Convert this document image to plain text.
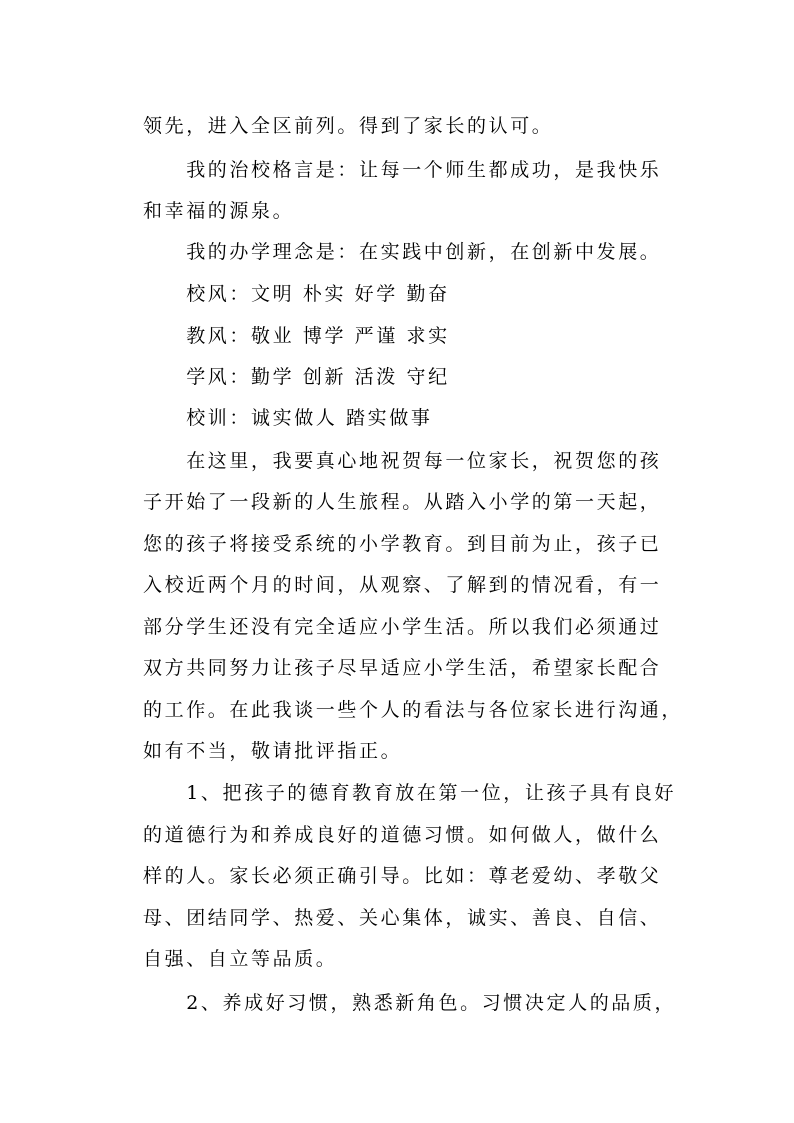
领先，进入全区前列。得到了家长的认可。

　　我的治校格言是：让每一个师生都成功，是我快乐

和幸福的源泉。

　　我的办学理念是：在实践中创新，在创新中发展。

　　校风：文明 朴实 好学 勤奋

　　教风：敬业 博学 严谨 求实

　　学风：勤学 创新 活泼 守纪

　　校训：诚实做人 踏实做事

　　在这里，我要真心地祝贺每一位家长，祝贺您的孩

子开始了一段新的人生旅程。从踏入小学的第一天起，

您的孩子将接受系统的小学教育。到目前为止，孩子已

入校近两个月的时间，从观察、了解到的情况看，有一

部分学生还没有完全适应小学生活。所以我们必须通过

双方共同努力让孩子尽早适应小学生活，希望家长配合

的工作。在此我谈一些个人的看法与各位家长进行沟通，

如有不当，敬请批评指正。

　　1、把孩子的德育教育放在第一位，让孩子具有良好

的道德行为和养成良好的道德习惯。如何做人，做什么

样的人。家长必须正确引导。比如：尊老爱幼、孝敬父

母、团结同学、热爱、关心集体，诚实、善良、自信、

自强、自立等品质。

　　2、养成好习惯，熟悉新角色。习惯决定人的品质，
